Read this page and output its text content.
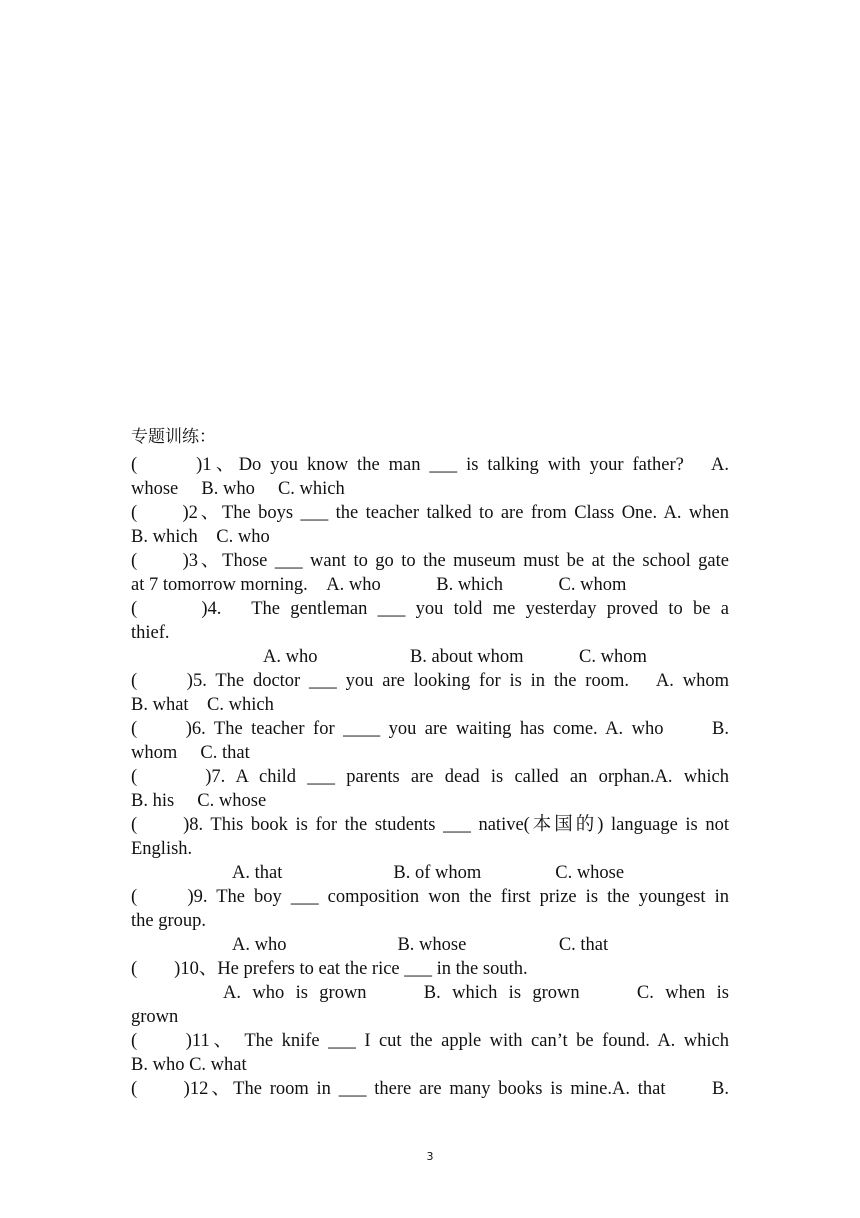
专题训练：
(　　 )1、Do you know the man ___ is talking with your father?　A.
whose　 B. who　 C. which
(　　)2、The boys ___ the teacher talked to are from Class One. A. when
B. which　C. who
(　　)3、Those ___ want to go to the museum must be at the school gate
at 7 tomorrow morning.　A. who　　　B. which　　　C. whom
(　　 )4.　The gentleman ___ you told me yesterday proved to be a
thief.
A. who　　　　　B. about whom　　　C. whom
(　　)5. The doctor ___ you are looking for is in the room.　A. whom
B. what　C. which
(　　)6. The teacher for ____ you are waiting has come. A. who　　B.
whom　 C. that
(　　 )7. A child ___ parents are dead is called an orphan.A. which
B. his　 C. whose
(　　)8. This book is for the students ___ native(本国的) language is not
English.
A. that　　　　　　B. of whom　　　　C. whose
(　　)9. The boy ___ composition won the first prize is the youngest in
the group.
A. who　　　　　　B. whose　　　　　C. that
(　　)10、He prefers to eat the rice ___ in the south.
A. who is grown　　B. which is grown　　C. when is
grown
(　　)11、 The knife ___ I cut the apple with can’t be found. A. which
B. who C. what
(　　)12、The room in ___ there are many books is mine.A. that　　B.
3
